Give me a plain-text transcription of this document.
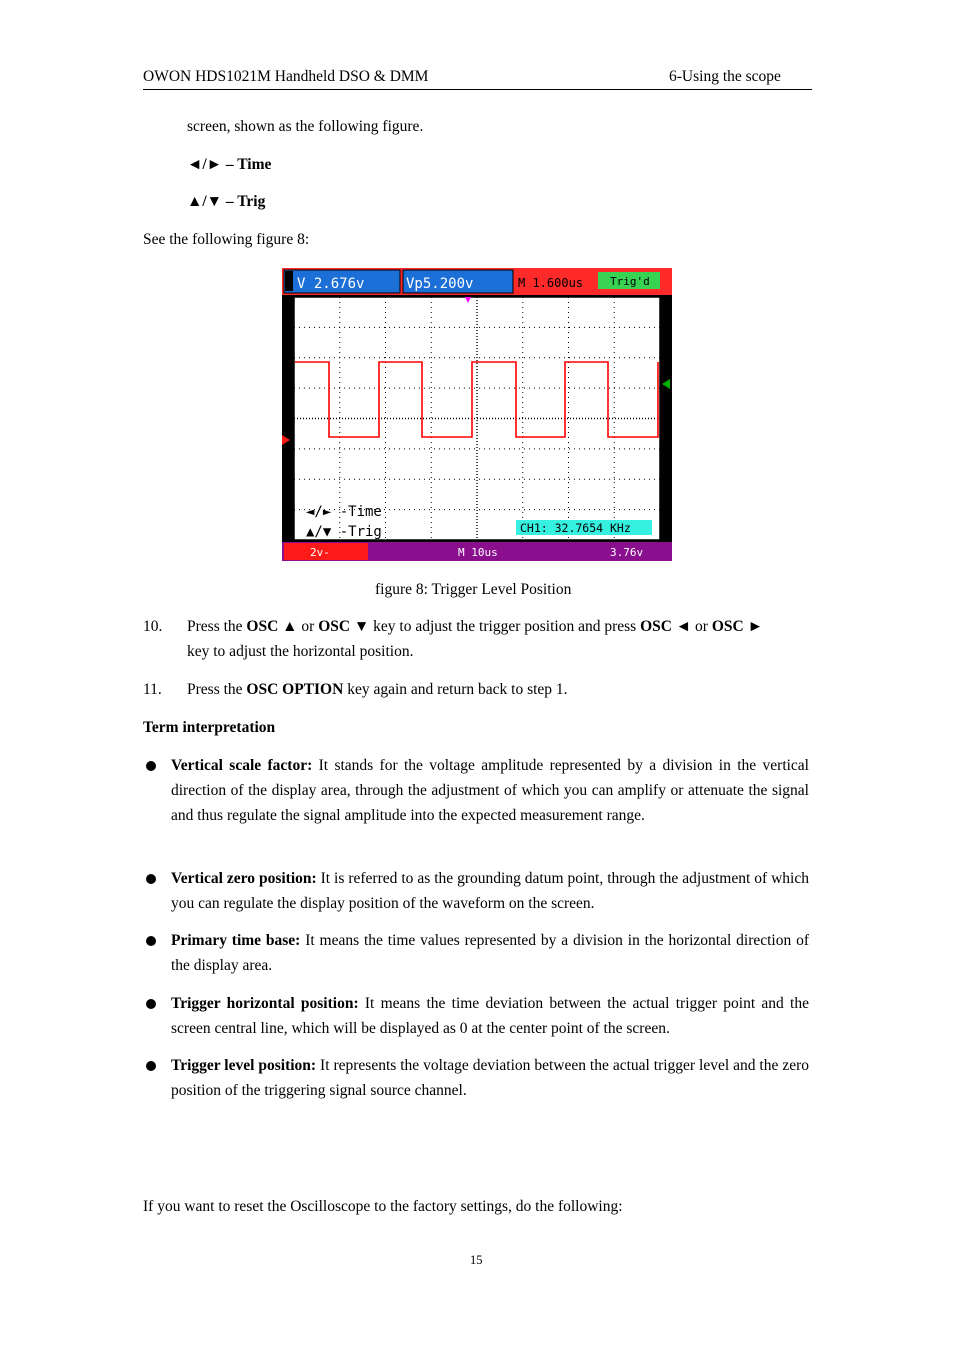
OWON HDS1021M Handheld DSO & DMM	6-Using the scope
screen, shown as the following figure.
◄/► – Time
▲/▼ – Trig
See the following figure 8:
V 2.676v	Vp5.200v	M 1.600us Trig'd
◄/► -Time
▲/▼ -Trig	CH1: 32.7654 KHz
2v-	M 10us	3.76v
figure 8: Trigger Level Position
10. Press the OSC ▲ or OSC ▼ key to adjust the trigger position and press OSC ◄ or OSC ►
key to adjust the horizontal position.
11. Press the OSC OPTION key again and return back to step 1.
Term interpretation
Vertical scale factor: It stands for the voltage amplitude represented by a division in the vertical direction of the display area, through the adjustment of which you can amplify or attenuate the signal and thus regulate the signal amplitude into the expected measurement range.
Vertical zero position: It is referred to as the grounding datum point, through the adjustment of which you can regulate the display position of the waveform on the screen.
Primary time base: It means the time values represented by a division in the horizontal direction of the display area.
Trigger horizontal position: It means the time deviation between the actual trigger point and the screen central line, which will be displayed as 0 at the center point of the screen.
Trigger level position: It represents the voltage deviation between the actual trigger level and the zero position of the triggering signal source channel.
If you want to reset the Oscilloscope to the factory settings, do the following:
15
